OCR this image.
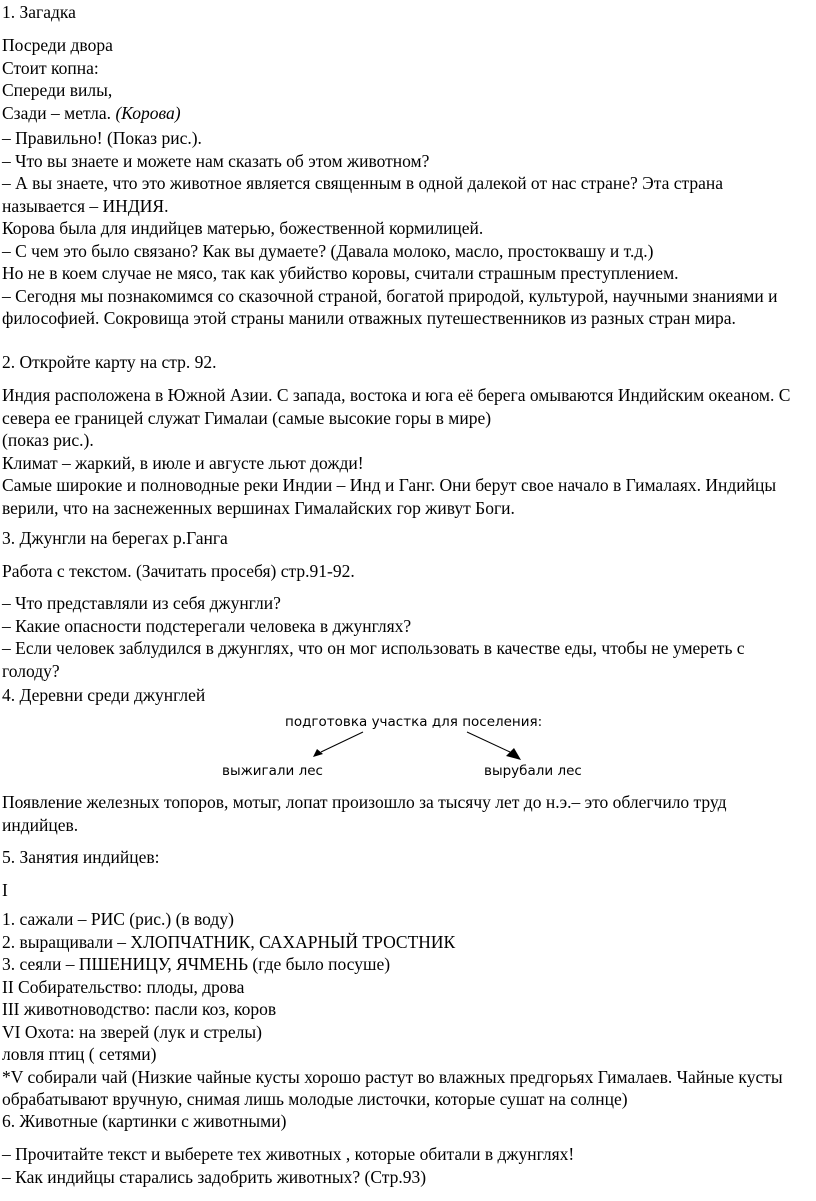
1. Загадка

Посреди двора
Стоит копна:
Спереди вилы,
Сзади – метла. (Корова)

– Правильно! (Показ рис.).
– Что вы знаете и можете нам сказать об этом животном?
– А вы знаете, что это животное является священным в одной далекой от нас стране? Эта страна называется – ИНДИЯ.
Корова была для индийцев матерью, божественной кормилицей.
– С чем это было связано? Как вы думаете? (Давала молоко, масло, простоквашу и т.д.)
Но не в коем случае не мясо, так как убийство коровы, считали страшным преступлением.
– Сегодня мы познакомимся со сказочной страной, богатой природой, культурой, научными знаниями и философией. Сокровища этой страны манили отважных путешественников из разных стран мира.

2. Откройте карту на стр. 92.

Индия расположена в Южной Азии. С запада, востока и юга её берега омываются Индийским океаном. С севера ее границей служат Гималаи (самые высокие горы в мире)
(показ рис.).
Климат – жаркий, в июле и августе льют дожди!
Самые широкие и полноводные реки Индии – Инд и Ганг. Они берут свое начало в Гималаях. Индийцы верили, что на заснеженных вершинах Гималайских гор живут Боги.

3. Джунгли на берегах р.Ганга

Работа с текстом. (Зачитать просебя) стр.91-92.

– Что представляли из себя джунгли?
– Какие опасности подстерегали человека в джунглях?
– Если человек заблудился в джунглях, что он мог использовать в качестве еды, чтобы не умереть с голоду?

4. Деревни среди джунглей

подготовка участка для поселения:
выжигали лес	вырубали лес

Появление железных топоров, мотыг, лопат произошло за тысячу лет до н.э.– это облегчило труд индийцев.

5. Занятия индийцев:

I

1. сажали – РИС (рис.) (в воду)
2. выращивали – ХЛОПЧАТНИК, САХАРНЫЙ ТРОСТНИК
3. сеяли – ПШЕНИЦУ, ЯЧМЕНЬ (где было посуше)
II Собирательство: плоды, дрова
III животноводство: пасли коз, коров
VI Охота: на зверей (лук и стрелы)
ловля птиц ( сетями)
*V собирали чай (Низкие чайные кусты хорошо растут во влажных предгорьях Гималаев. Чайные кусты обрабатывают вручную, снимая лишь молодые листочки, которые сушат на солнце)

6. Животные (картинки с животными)

– Прочитайте текст и выберете тех животных , которые обитали в джунглях!
– Как индийцы старались задобрить животных? (Стр.93)
